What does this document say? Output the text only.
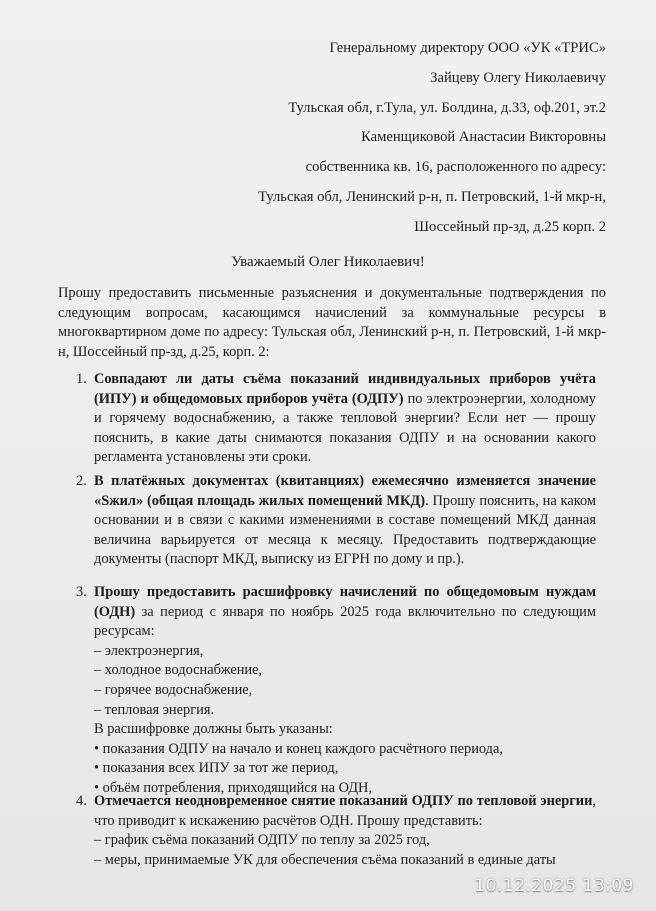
Генеральному директору ООО «УК «ТРИС»
Зайцеву Олегу Николаевичу
Тульская обл, г.Тула, ул. Болдина, д.33, оф.201, эт.2
Каменщиковой Анастасии Викторовны
собственника кв. 16, расположенного по адресу:
Тульская обл, Ленинский р-н, п. Петровский, 1-й мкр-н,
Шоссейный пр-зд, д.25 корп. 2
Уважаемый Олег Николаевич!
Прошу предоставить письменные разъяснения и документальные подтверждения по следующим вопросам, касающимся начислений за коммунальные ресурсы в многоквартирном доме по адресу: Тульская обл, Ленинский р-н, п. Петровский, 1-й мкр-н, Шоссейный пр-зд, д.25, корп. 2:
1. Совпадают ли даты съёма показаний индивидуальных приборов учёта (ИПУ) и общедомовых приборов учёта (ОДПУ) по электроэнергии, холодному и горячему водоснабжению, а также тепловой энергии? Если нет — прошу пояснить, в какие даты снимаются показания ОДПУ и на основании какого регламента установлены эти сроки.
2. В платёжных документах (квитанциях) ежемесячно изменяется значение «Sжил» (общая площадь жилых помещений МКД). Прошу пояснить, на каком основании и в связи с какими изменениями в составе помещений МКД данная величина варьируется от месяца к месяцу. Предоставить подтверждающие документы (паспорт МКД, выписку из ЕГРН по дому и пр.).
3. Прошу предоставить расшифровку начислений по общедомовым нуждам (ОДН) за период с января по ноябрь 2025 года включительно по следующим ресурсам:
– электроэнергия,
– холодное водоснабжение,
– горячее водоснабжение,
– тепловая энергия.
В расшифровке должны быть указаны:
• показания ОДПУ на начало и конец каждого расчётного периода,
• показания всех ИПУ за тот же период,
• объём потребления, приходящийся на ОДН,
4. Отмечается неодновременное снятие показаний ОДПУ по тепловой энергии, что приводит к искажению расчётов ОДН. Прошу представить:
– график съёма показаний ОДПУ по теплу за 2025 год,
– меры, принимаемые УК для обеспечения съёма показаний в единые даты
10.12.2025 13:09
